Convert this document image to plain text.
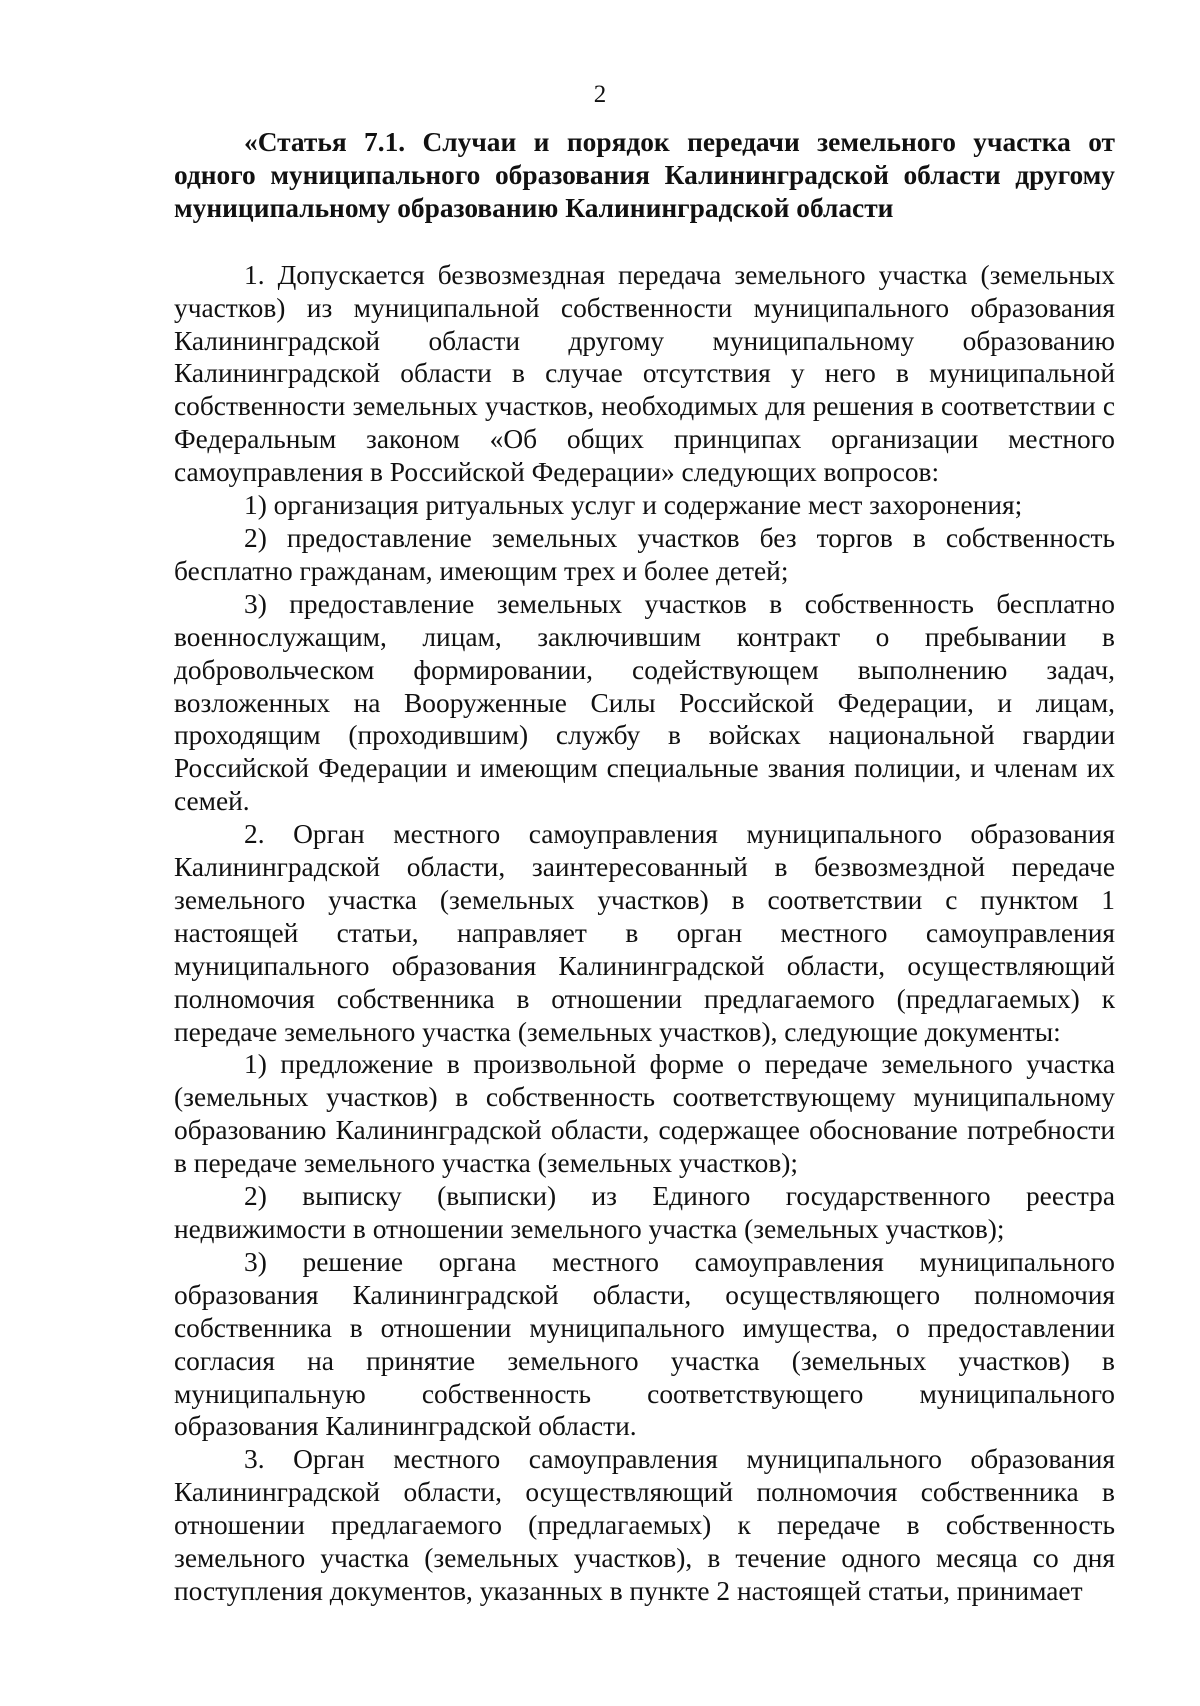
2

«Статья 7.1. Случаи и порядок передачи земельного участка от одного муниципального образования Калининградской области другому муниципальному образованию Калининградской области

1. Допускается безвозмездная передача земельного участка (земельных участков) из муниципальной собственности муниципального образования Калининградской области другому муниципальному образованию Калининградской области в случае отсутствия у него в муниципальной собственности земельных участков, необходимых для решения в соответствии с Федеральным законом «Об общих принципах организации местного самоуправления в Российской Федерации» следующих вопросов:

1) организация ритуальных услуг и содержание мест захоронения;

2) предоставление земельных участков без торгов в собственность бесплатно гражданам, имеющим трех и более детей;

3) предоставление земельных участков в собственность бесплатно военнослужащим, лицам, заключившим контракт о пребывании в добровольческом формировании, содействующем выполнению задач, возложенных на Вооруженные Силы Российской Федерации, и лицам, проходящим (проходившим) службу в войсках национальной гвардии Российской Федерации и имеющим специальные звания полиции, и членам их семей.

2. Орган местного самоуправления муниципального образования Калининградской области, заинтересованный в безвозмездной передаче земельного участка (земельных участков) в соответствии с пунктом 1 настоящей статьи, направляет в орган местного самоуправления муниципального образования Калининградской области, осуществляющий полномочия собственника в отношении предлагаемого (предлагаемых) к передаче земельного участка (земельных участков), следующие документы:

1) предложение в произвольной форме о передаче земельного участка (земельных участков) в собственность соответствующему муниципальному образованию Калининградской области, содержащее обоснование потребности в передаче земельного участка (земельных участков);

2) выписку (выписки) из Единого государственного реестра недвижимости в отношении земельного участка (земельных участков);

3) решение органа местного самоуправления муниципального образования Калининградской области, осуществляющего полномочия собственника в отношении муниципального имущества, о предоставлении согласия на принятие земельного участка (земельных участков) в муниципальную собственность соответствующего муниципального образования Калининградской области.

3. Орган местного самоуправления муниципального образования Калининградской области, осуществляющий полномочия собственника в отношении предлагаемого (предлагаемых) к передаче в собственность земельного участка (земельных участков), в течение одного месяца со дня поступления документов, указанных в пункте 2 настоящей статьи, принимает
